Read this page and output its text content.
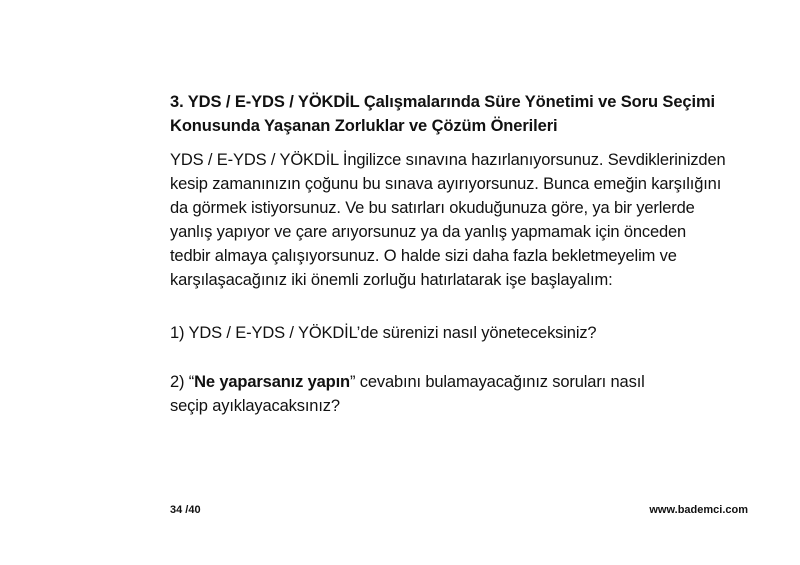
3. YDS / E-YDS / YÖKDİL Çalışmalarında Süre Yönetimi ve Soru Seçimi
Konusunda Yaşanan Zorluklar ve Çözüm Önerileri
YDS / E-YDS / YÖKDİL İngilizce sınavına hazırlanıyorsunuz. Sevdiklerinizden
kesip zamanınızın çoğunu bu sınava ayırıyorsunuz. Bunca emeğin karşılığını
da görmek istiyorsunuz. Ve bu satırları okuduğunuza göre, ya bir yerlerde
yanlış yapıyor ve çare arıyorsunuz ya da yanlış yapmamak için önceden
tedbir almaya çalışıyorsunuz. O halde sizi daha fazla bekletmeyelim ve
karşılaşacağınız iki önemli zorluğu hatırlatarak işe başlayalım:
1) YDS / E-YDS / YÖKDİL’de sürenizi nasıl yöneteceksiniz?
2) “Ne yaparsanız yapın” cevabını bulamayacağınız soruları nasıl
seçip ayıklayacaksınız?
34 /40	www.bademci.com
